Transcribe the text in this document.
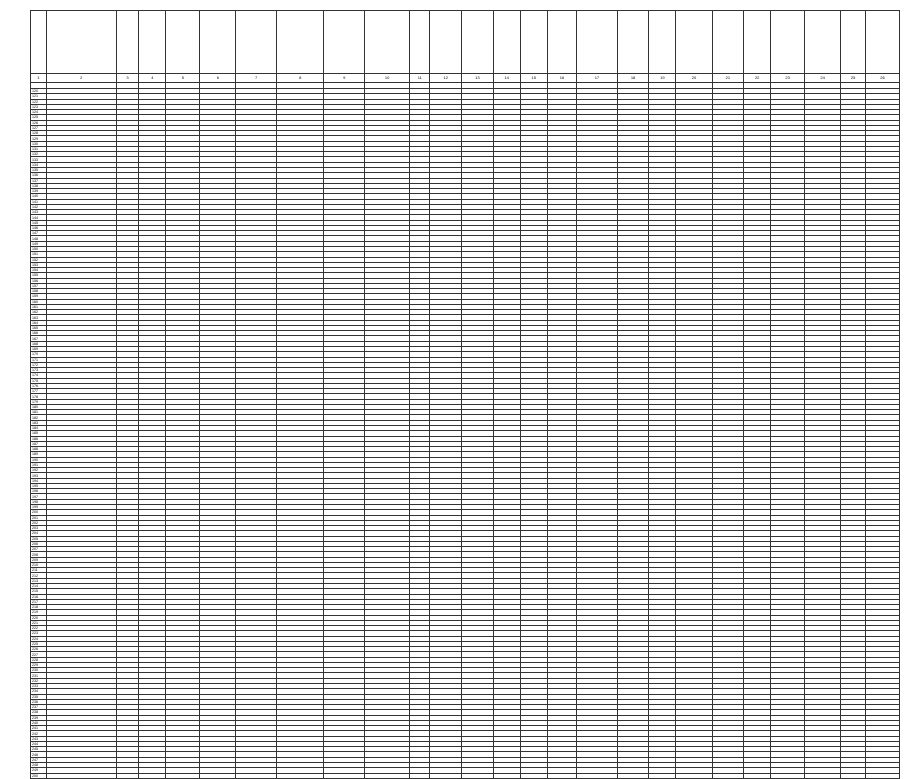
1	2	3	4	5	6	7	8	9	10	11	12	13	14	15	16	17	18	19	20	21	22	23	24	25	26

120																									
121																									
122																									
123																									
124																									
125																									
126																									
127																									
128																									
129																									
130																									
131																									
132																									
133																									
134																									
135																									
136																									
137																									
138																									
139																									
140																									
141																									
142																									
143																									
144																									
145																									
146																									
147																									
148																									
149																									
150																									
151																									
152																									
153																									
154																									
155																									
156																									
157																									
158																									
159																									
160																									
161																									
162																									
163																									
164																									
165																									
166																									
167																									
168																									
169																									
170																									
171																									
172																									
173																									
174																									
175																									
176																									
177																									
178																									
179																									
180																									
181																									
182																									
183																									
184																									
185																									
186																									
187																									
188																									
189																									
190																									
191																									
192																									
193																									
194																									
195																									
196																									
197																									
198																									
199																									
200																									
201																									
202																									
203																									
204																									
205																									
206																									
207																									
208																									
209																									
210																									
211																									
212																									
213																									
214																									
215																									
216																									
217																									
218																									
219																									
220																									
221																									
222																									
223																									
224																									
225																									
226																									
227																									
228																									
229																									
230																									
231																									
232																									
233																									
234																									
235																									
236																									
237																									
238																									
239																									
240																									
241																									
242																									
243																									
244																									
245																									
246																									
247																									
248																									
249																									
250																									
